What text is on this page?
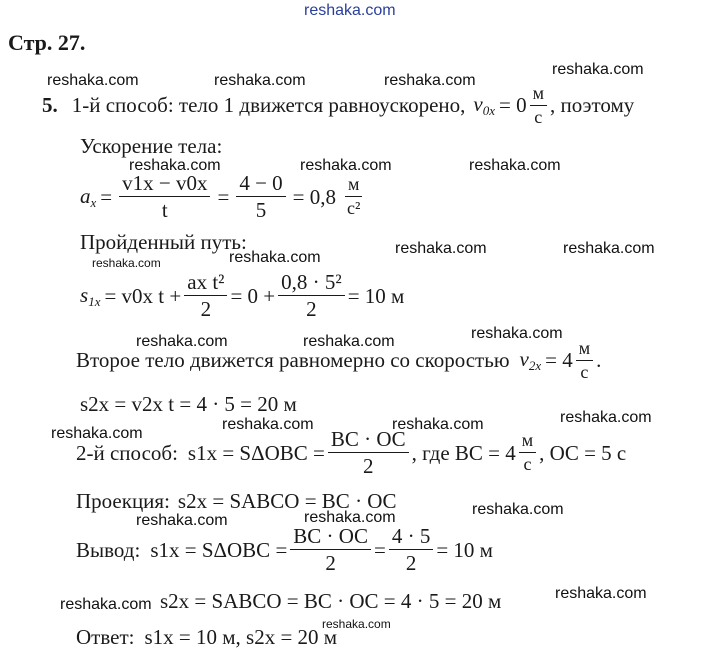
reshaka.com
reshaka.com	reshaka.com	reshaka.com
reshaka.com
reshaka.com	reshaka.com	reshaka.com
reshaka.com	reshaka.com
reshaka.com	reshaka.com
reshaka.com	reshaka.com	reshaka.com
reshaka.com
reshaka.com	reshaka.com	reshaka.com
reshaka.com	reshaka.com	reshaka.com
reshaka.com
reshaka.com
reshaka.com
Стр. 27.
5. 1-й способ: тело 1 движется равноускорено, $v_{0x} = 0 \frac{м}{с}$ , поэтому
Ускорение тела:
$a_x = \frac{v1x - v0x}{t} = \frac{4 - 0}{5} = 0,8 \frac{м}{\text{с²}}$
Пройденный путь:
$s_{1x} = v0x$ $t + \frac{\text{ax t²}}{2} = 0 + \frac{\text{0,8 · 5²}}{2} = 10$ м
Второе тело движется равномерно со скоростью $v_{2x} = 4 \frac{м}{с}$ .
s2x = v2x t = 4 · 5 = 20 м
2-й способ: $s1x = S\Delta OBC = \frac{BC \cdot OC}{2}$ , где BC = $4 \frac{м}{с}$ , OC = 5 с
Проекция: s2x = SABCO = BC · OC
Вывод: $s1x = S\Delta OBC = \frac{BC \cdot OC}{2} = \frac{4 \cdot 5}{2} = 10$ м
s2x = SABCO = BC · OC = 4 · 5 = 20 м
Ответ: s1x = 10 м, s2x = 20 м
